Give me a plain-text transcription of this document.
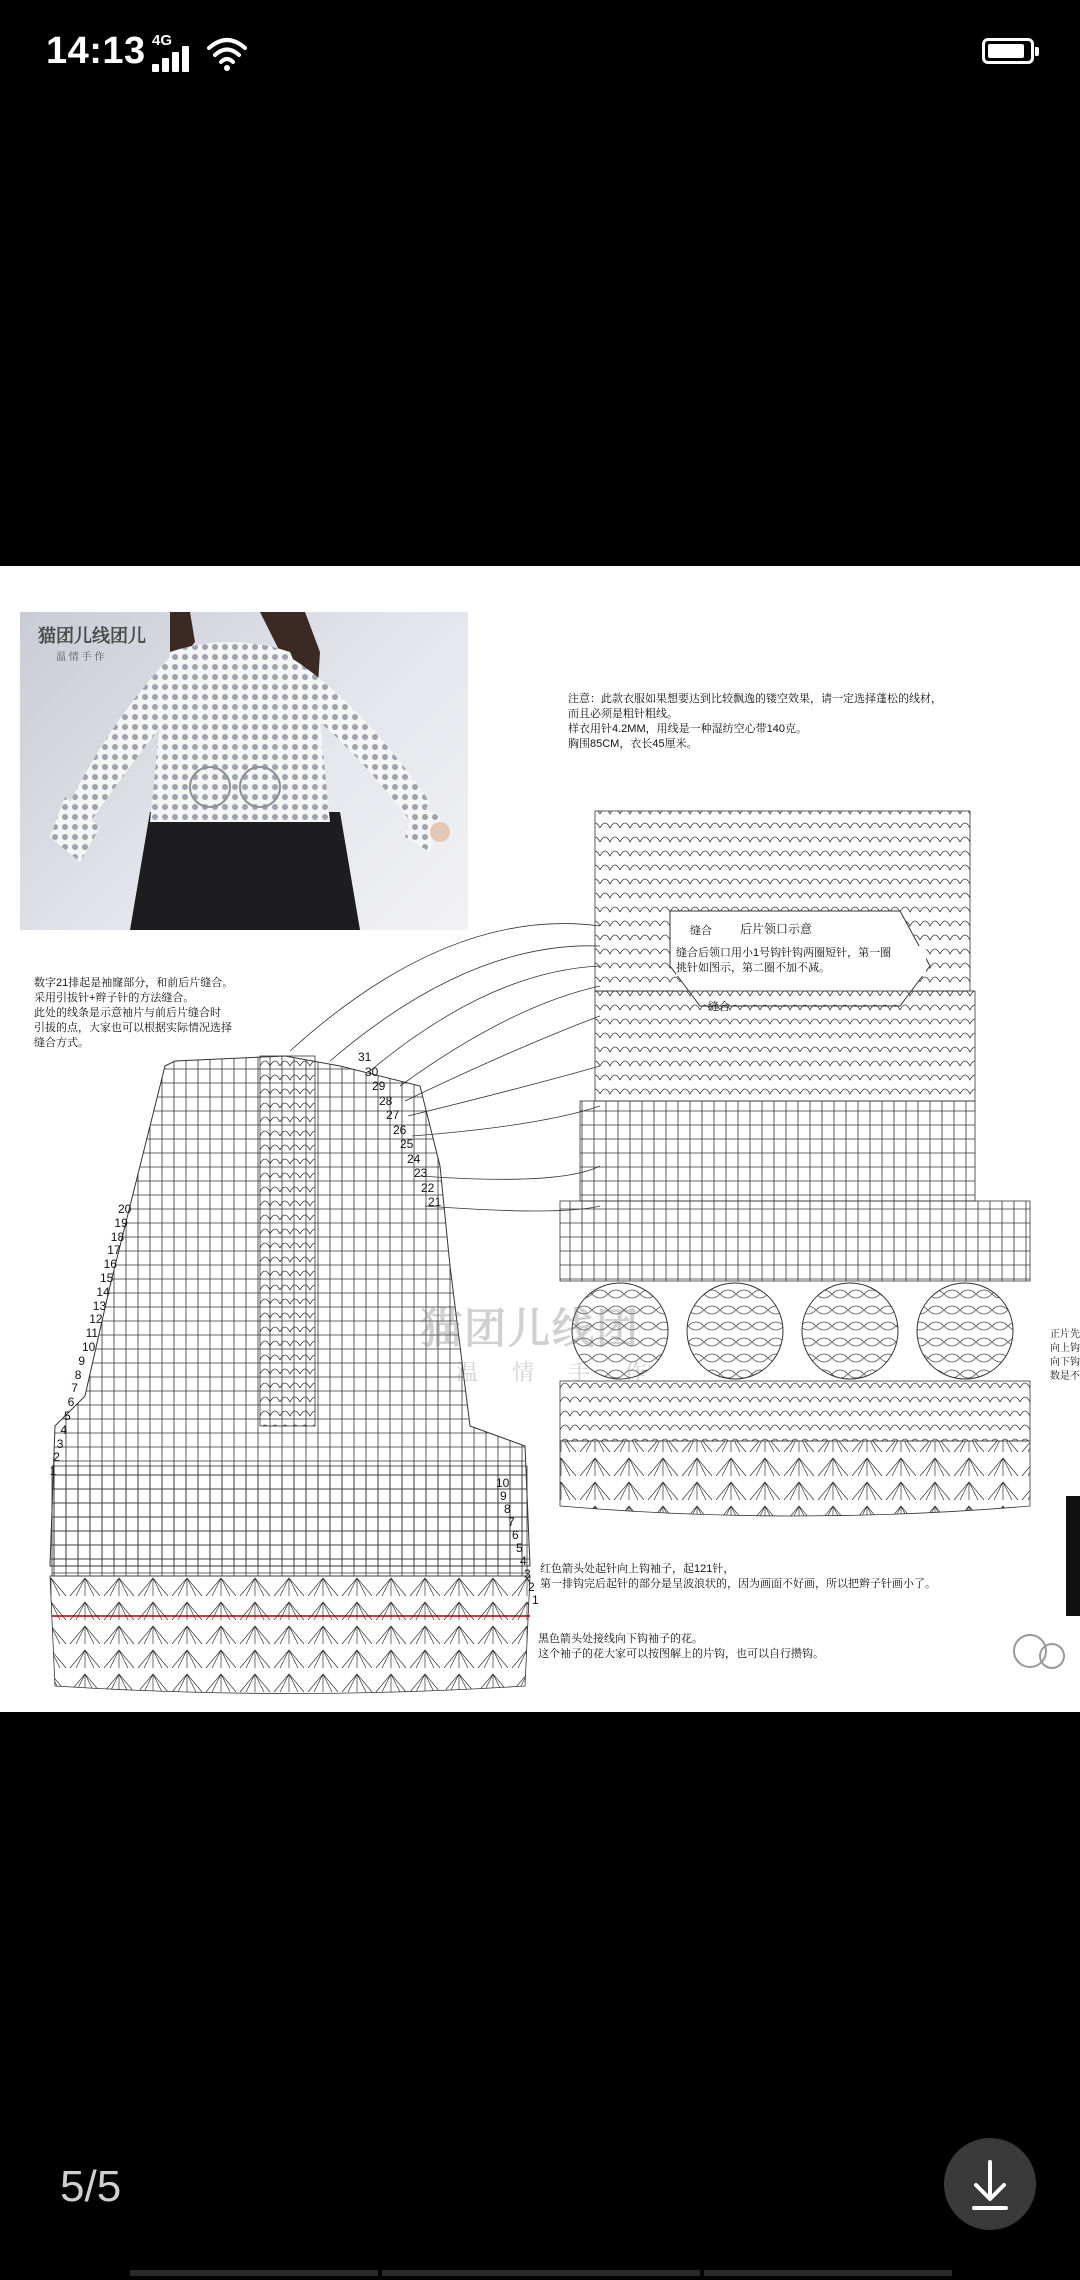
14:13 4G
猫团儿线团儿
温 情 手 作
注意：此款衣服如果想要达到比较飘逸的镂空效果，请一定选择蓬松的线材，
而且必须是粗针粗线。
样衣用针4.2MM，用线是一种湿纺空心带140克。
胸围85CM，衣长45厘米。
数字21排起是袖窿部分，和前后片缝合。
采用引拔针+辫子针的方法缝合。
此处的线条是示意袖片与前后片缝合时
引拔的点，大家也可以根据实际情况选择
缝合方式。
后片领口示意
缝合
缝合
缝合后领口用小1号钩针钩两圈短针，第一圈
挑针如图示，第二圈不加不减。
红色箭头处起针向上钩袖子，起121针，
第一排钩完后起针的部分是呈波浪状的，因为画面不好画，所以把辫子针画小了。
黑色箭头处接线向下钩袖子的花。
这个袖子的花大家可以按图解上的片钩，也可以自行攒钩。
正片先
向上钩
向下钩
数是不
猫团儿线团
温 情 手 作
31
30
29
28
27
26
25
24
23
22
21
20
19
18
17
16
15
14
13
12
11
10
9
8
7
6
5
4
3
2
1
10
9
8
7
6
5
4
3
2
1
5/5
